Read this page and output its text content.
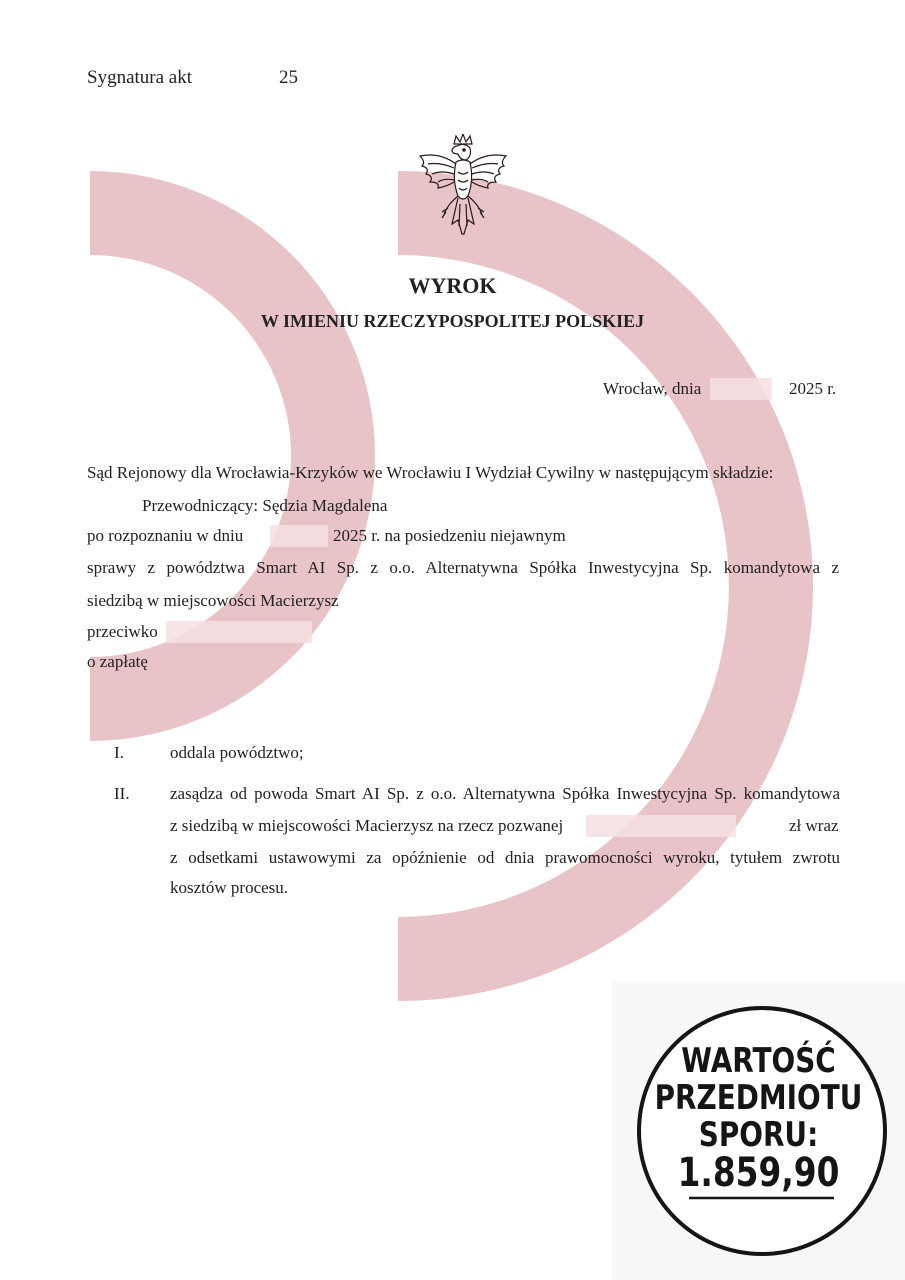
Sygnatura akt	25
WYROK
W IMIENIU RZECZYPOSPOLITEJ POLSKIEJ
Wrocław, dnia	2025 r.
Sąd Rejonowy dla Wrocławia-Krzyków we Wrocławiu I Wydział Cywilny w następującym składzie:
Przewodniczący: Sędzia Magdalena
po rozpoznaniu w dniu	2025 r. na posiedzeniu niejawnym
sprawy z powództwa Smart AI Sp. z o.o. Alternatywna Spółka Inwestycyjna Sp. komandytowa z
siedzibą w miejscowości Macierzysz
przeciwko
o zapłatę
I.	oddala powództwo;
II. zasądza od powoda Smart AI Sp. z o.o. Alternatywna Spółka Inwestycyjna Sp. komandytowa
z siedzibą w miejscowości Macierzysz na rzecz pozwanej	zł wraz
z odsetkami ustawowymi za opóźnienie od dnia prawomocności wyroku, tytułem zwrotu
kosztów procesu.
WARTOŚĆ
PRZEDMIOTU
SPORU:
1.859,90
